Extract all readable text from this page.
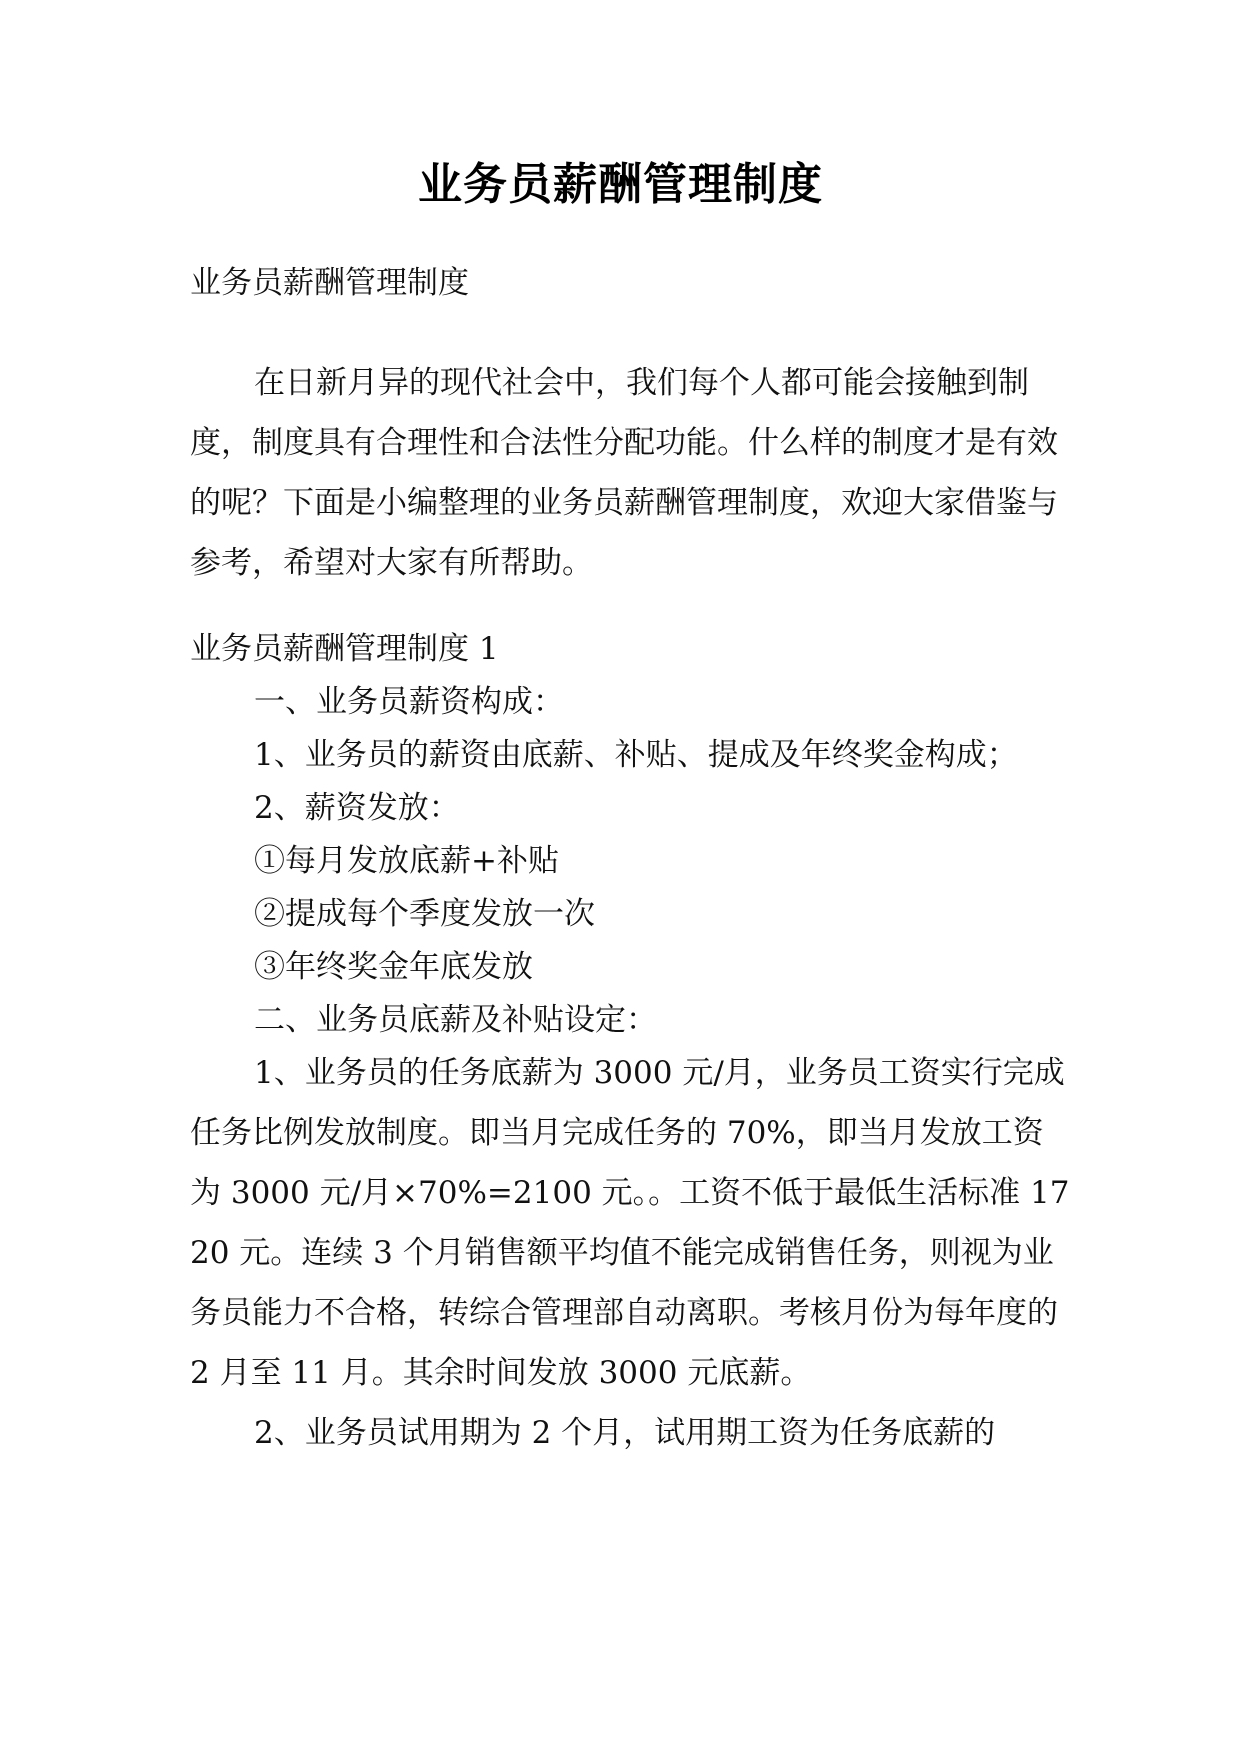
业务员薪酬管理制度
业务员薪酬管理制度
在日新月异的现代社会中，我们每个人都可能会接触到制度，制度具有合理性和合法性分配功能。什么样的制度才是有效的呢？下面是小编整理的业务员薪酬管理制度，欢迎大家借鉴与参考，希望对大家有所帮助。
业务员薪酬管理制度 1
一、业务员薪资构成：
1、业务员的薪资由底薪、补贴、提成及年终奖金构成；
2、薪资发放：
①每月发放底薪+补贴
②提成每个季度发放一次
③年终奖金年底发放
二、业务员底薪及补贴设定：
1、业务员的任务底薪为 3000 元/月，业务员工资实行完成任务比例发放制度。即当月完成任务的 70%，即当月发放工资为 3000 元/月×70%=2100 元。。工资不低于最低生活标准 1720 元。连续 3 个月销售额平均值不能完成销售任务，则视为业务员能力不合格，转综合管理部自动离职。考核月份为每年度的 2 月至 11 月。其余时间发放 3000 元底薪。
2、业务员试用期为 2 个月，试用期工资为任务底薪的
